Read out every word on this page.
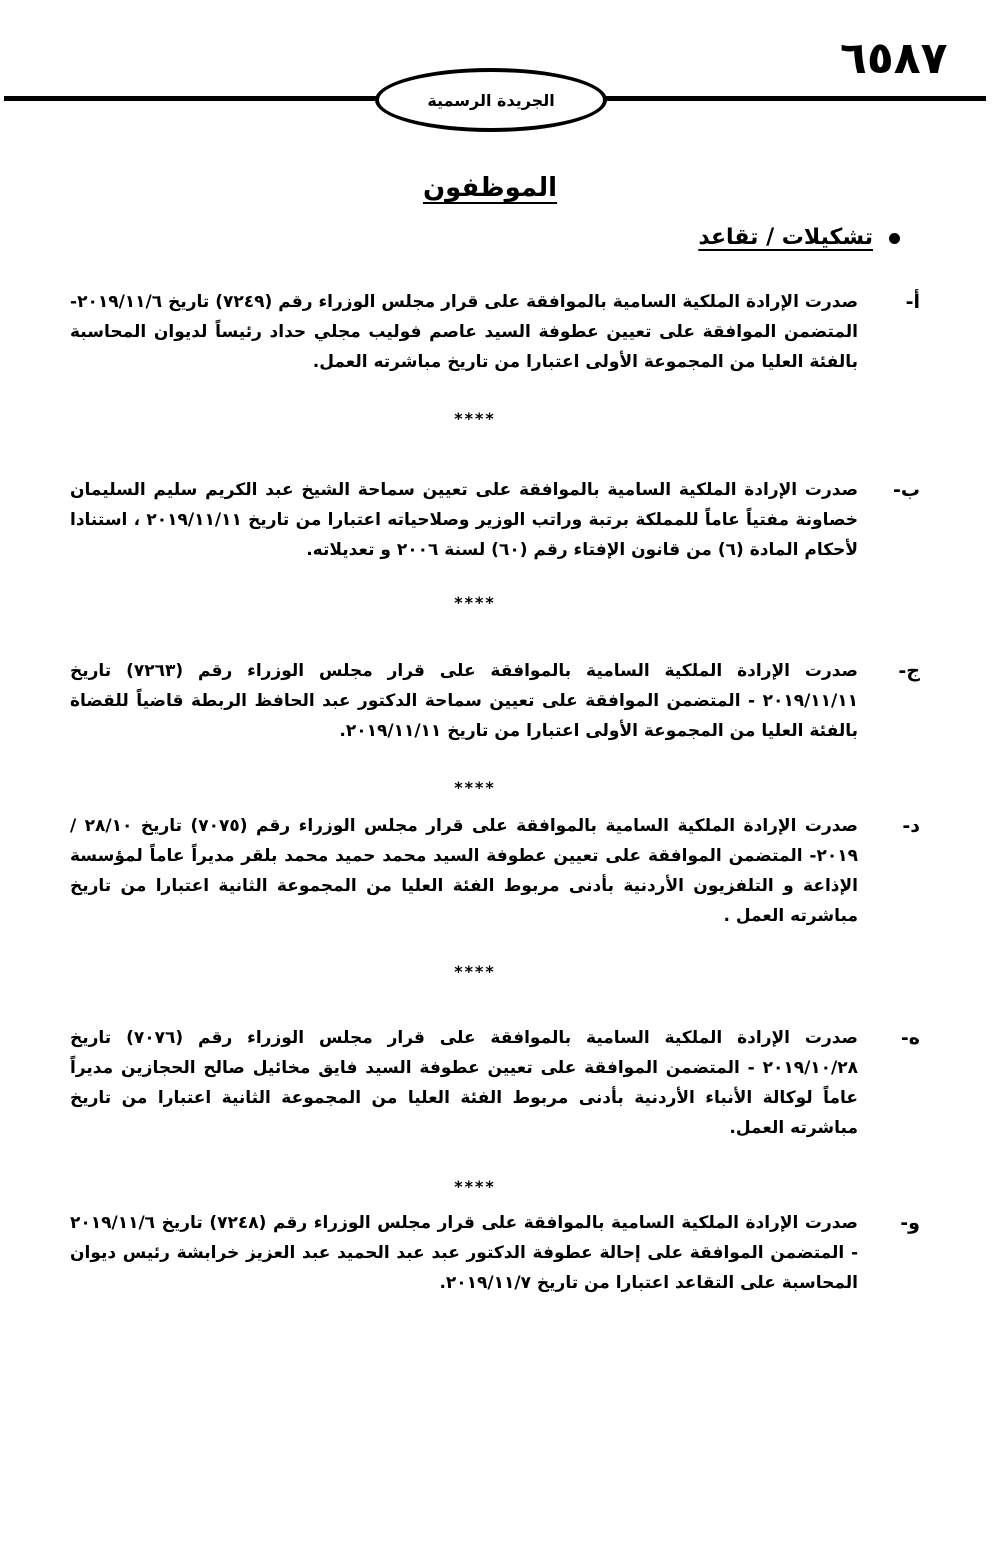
٦٥٨٧
الجريدة الرسمية
الموظفون
تشكيلات / تقاعد
أ-
صدرت الإرادة الملكية السامية بالموافقة على قرار مجلس الوزراء رقم (٧٢٤٩) تاريخ ٢٠١٩/١١/٦- المتضمن الموافقة على تعيين عطوفة السيد عاصم فوليب مجلي حداد رئيساً لديوان المحاسبة بالفئة العليا من المجموعة الأولى اعتبارا من تاريخ مباشرته العمل.
****
ب-
صدرت الإرادة الملكية السامية بالموافقة على تعيين سماحة الشيخ عبد الكريم سليم السليمان خصاونة مفتياً عاماً للمملكة برتبة وراتب الوزير وصلاحياته اعتبارا من تاريخ ٢٠١٩/١١/١١ ، استنادا لأحكام المادة (٦) من قانون الإفتاء رقم (٦٠) لسنة ٢٠٠٦ و تعديلاته.
****
ج-
صدرت الإرادة الملكية السامية بالموافقة على قرار مجلس الوزراء رقم (٧٢٦٣) تاريخ ٢٠١٩/١١/١١ - المتضمن الموافقة على تعيين سماحة الدكتور عبد الحافظ الربطة قاضياً للقضاة بالفئة العليا من المجموعة الأولى اعتبارا من تاريخ ٢٠١٩/١١/١١.
****
د-
صدرت الإرادة الملكية السامية بالموافقة على قرار مجلس الوزراء رقم (٧٠٧٥) تاريخ ٢٨/١٠ /٢٠١٩- المتضمن الموافقة على تعيين عطوفة السيد محمد حميد محمد بلقر مديراً عاماً لمؤسسة الإذاعة و التلفزيون الأردنية بأدنى مربوط الفئة العليا من المجموعة الثانية اعتبارا من تاريخ مباشرته العمل .
****
ه-
صدرت الإرادة الملكية السامية بالموافقة على قرار مجلس الوزراء رقم (٧٠٧٦) تاريخ ٢٠١٩/١٠/٢٨ - المتضمن الموافقة على تعيين عطوفة السيد فايق مخائيل صالح الحجازين مديراً عاماً لوكالة الأنباء الأردنية بأدنى مربوط الفئة العليا من المجموعة الثانية اعتبارا من تاريخ مباشرته العمل.
****
و-
صدرت الإرادة الملكية السامية بالموافقة على قرار مجلس الوزراء رقم (٧٢٤٨) تاريخ ٢٠١٩/١١/٦ - المتضمن الموافقة على إحالة عطوفة الدكتور عبد عبد الحميد عبد العزيز خرابشة رئيس ديوان المحاسبة على التقاعد اعتبارا من تاريخ ٢٠١٩/١١/٧.
